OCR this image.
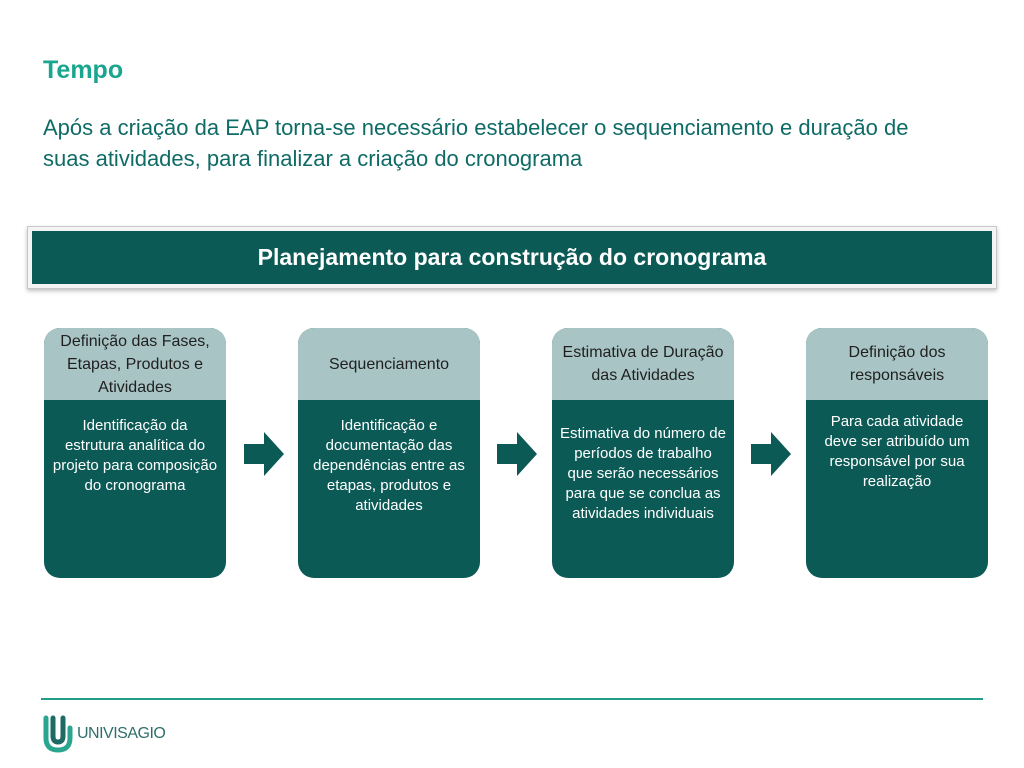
Tempo
Após a criação da EAP torna-se necessário estabelecer o sequenciamento e duração de suas atividades, para finalizar a criação do cronograma
Planejamento para construção do cronograma
Definição das Fases, Etapas, Produtos e Atividades
Identificação da estrutura analítica do projeto para composição do cronograma
Sequenciamento
Identificação e documentação das dependências entre as etapas, produtos e atividades
Estimativa de Duração das Atividades
Estimativa do número de períodos de trabalho que serão necessários para que se conclua as atividades individuais
Definição dos responsáveis
Para cada atividade deve ser atribuído um responsável por sua realização
UNIVISAGIO
